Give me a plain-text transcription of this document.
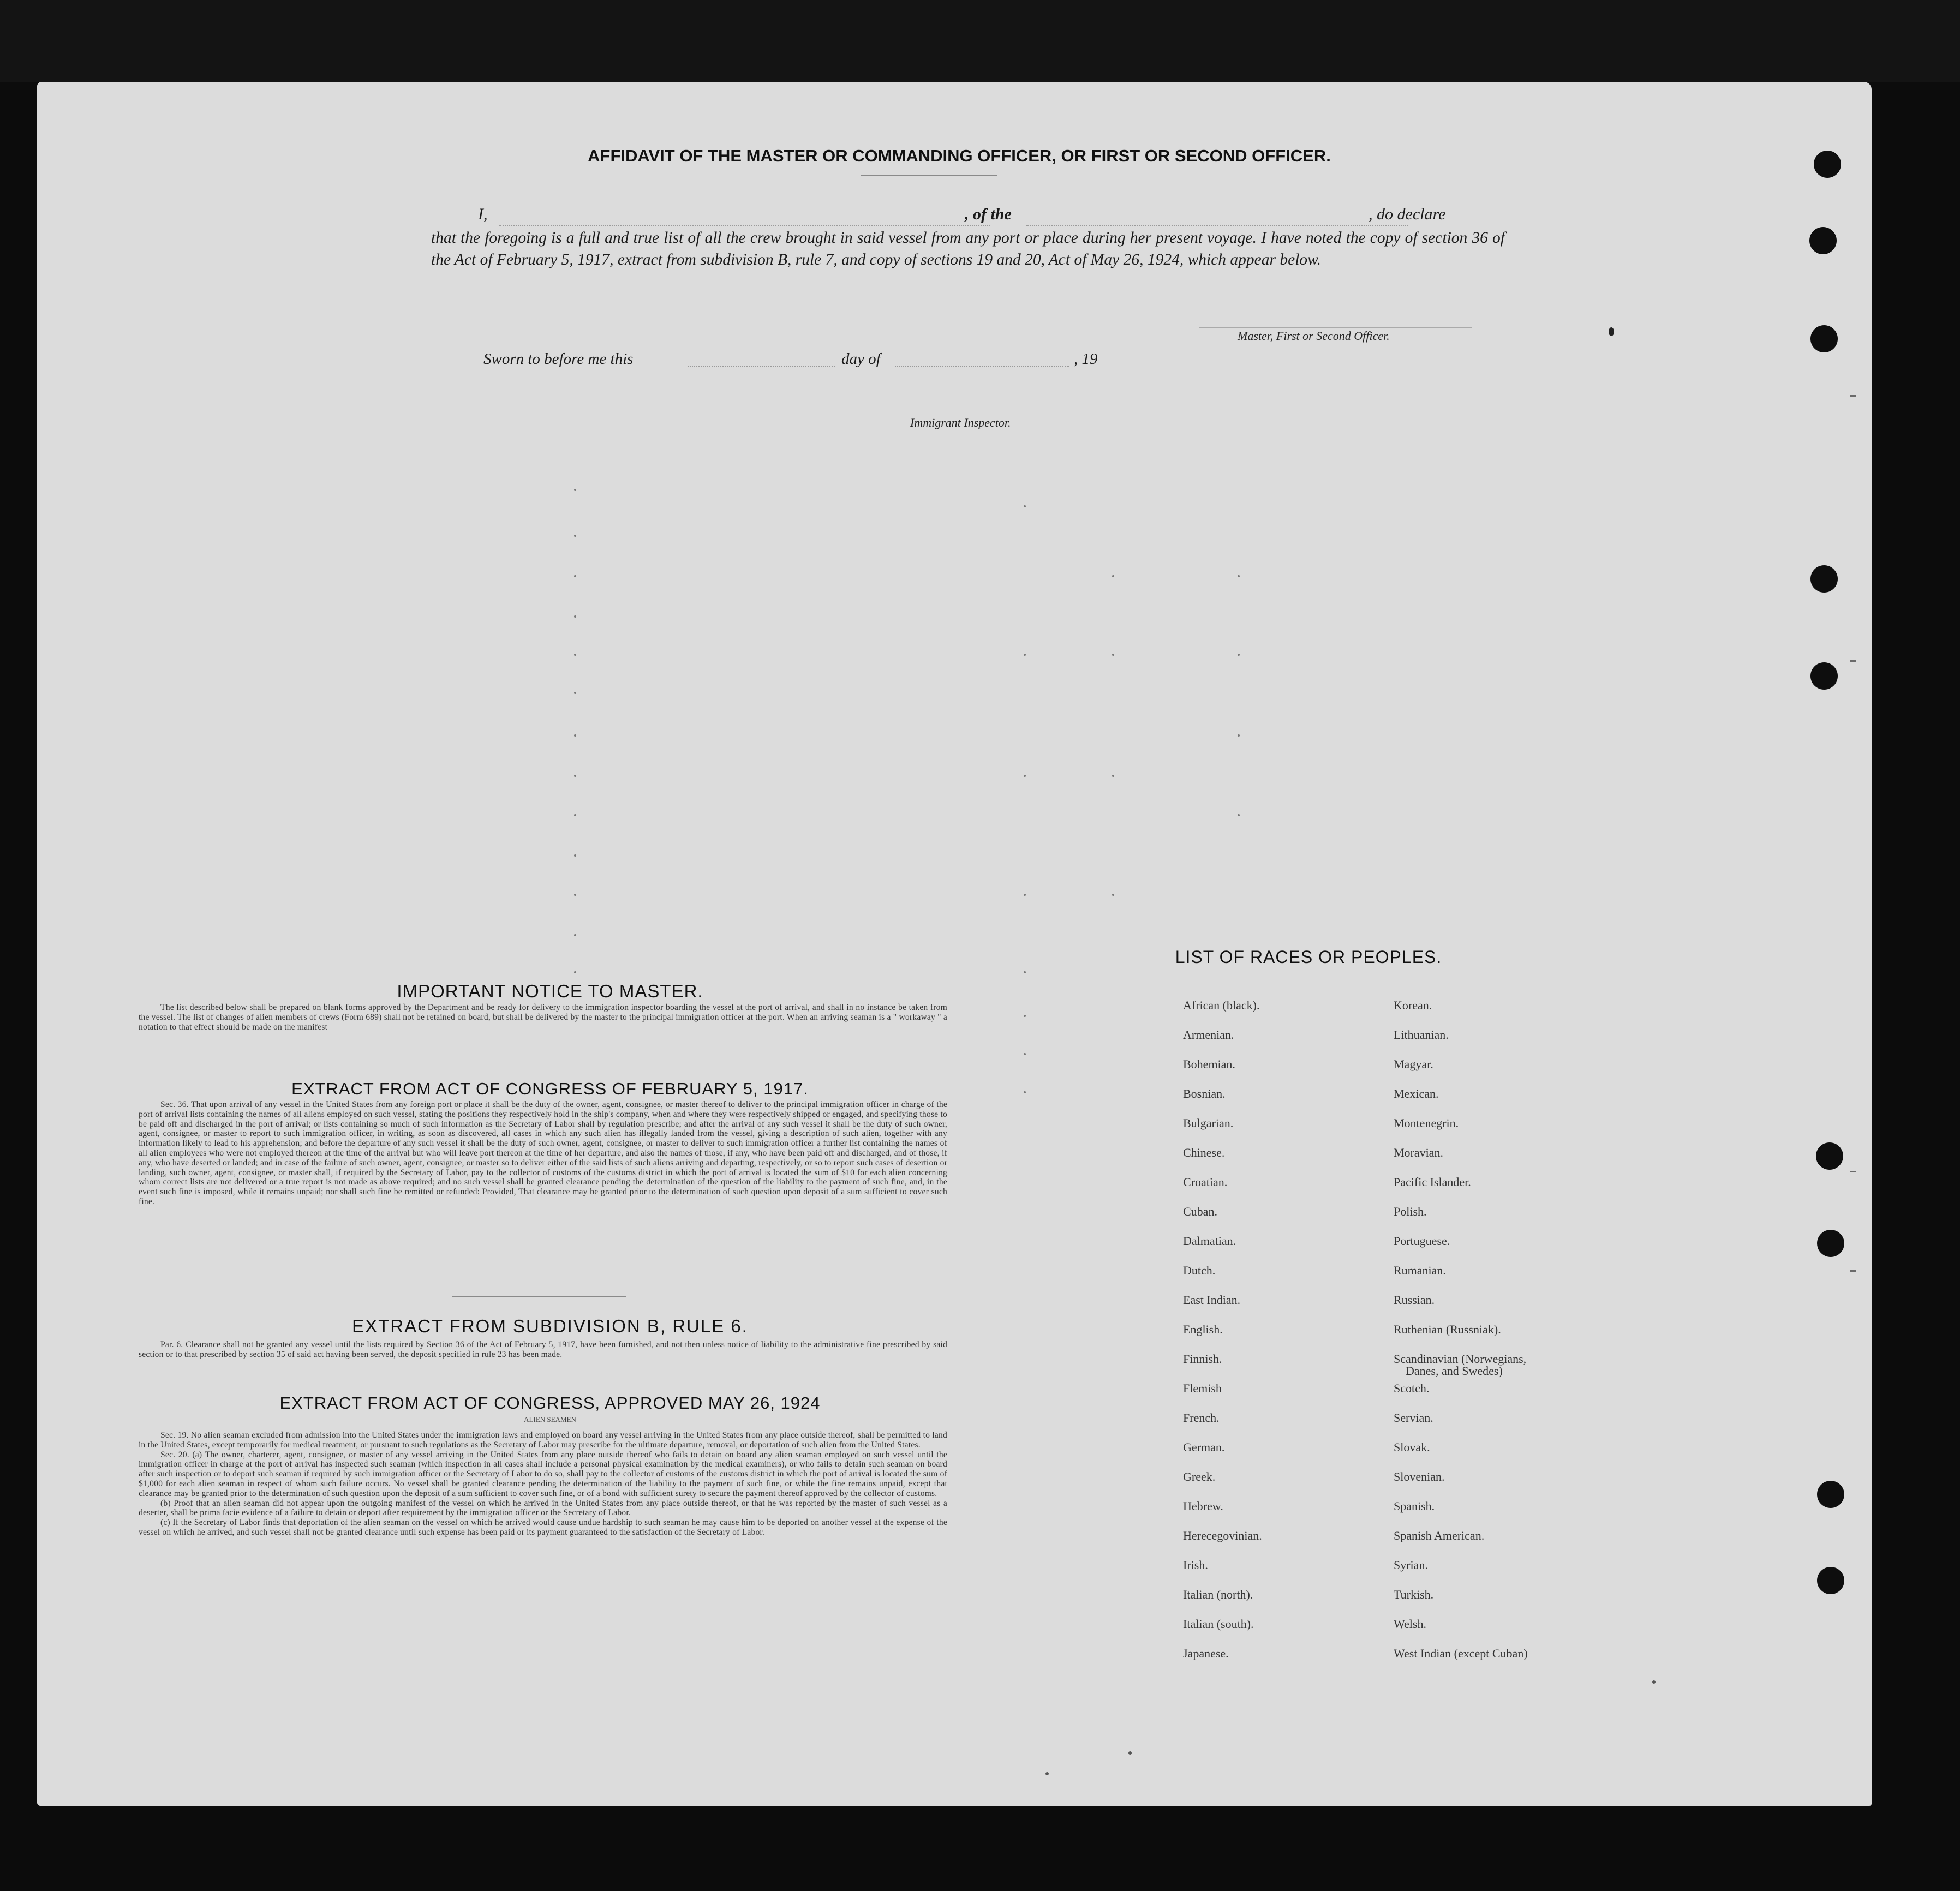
AFFIDAVIT OF THE MASTER OR COMMANDING OFFICER, OR FIRST OR SECOND OFFICER.
I,	, of the	, do declare
that the foregoing is a full and true list of all the crew brought in said vessel from any port or place during her present voyage. I have noted the copy of section 36 of the Act of February 5, 1917, extract from subdivision B, rule 7, and copy of sections 19 and 20, Act of May 26, 1924, which appear below.
Master, First or Second Officer.
Sworn to before me this	day of	, 19
Immigrant Inspector.
IMPORTANT NOTICE TO MASTER.
The list described below shall be prepared on blank forms approved by the Department and be ready for delivery to the immigration inspector boarding the vessel at the port of arrival, and shall in no instance be taken from the vessel. The list of changes of alien members of crews (Form 689) shall not be retained on board, but shall be delivered by the master to the principal immigration officer at the port. When an arriving seaman is a " workaway " a notation to that effect should be made on the manifest
EXTRACT FROM ACT OF CONGRESS OF FEBRUARY 5, 1917.
Sec. 36. That upon arrival of any vessel in the United States from any foreign port or place it shall be the duty of the owner, agent, consignee, or master thereof to deliver to the principal immigration officer in charge of the port of arrival lists containing the names of all aliens employed on such vessel, stating the positions they respectively hold in the ship's company, when and where they were respectively shipped or engaged, and specifying those to be paid off and discharged in the port of arrival; or lists containing so much of such information as the Secretary of Labor shall by regulation prescribe; and after the arrival of any such vessel it shall be the duty of such owner, agent, consignee, or master to report to such immigration officer, in writing, as soon as discovered, all cases in which any such alien has illegally landed from the vessel, giving a description of such alien, together with any information likely to lead to his apprehension; and before the departure of any such vessel it shall be the duty of such owner, agent, consignee, or master to deliver to such immigration officer a further list containing the names of all alien employees who were not employed thereon at the time of the arrival but who will leave port thereon at the time of her departure, and also the names of those, if any, who have been paid off and discharged, and of those, if any, who have deserted or landed; and in case of the failure of such owner, agent, consignee, or master so to deliver either of the said lists of such aliens arriving and departing, respectively, or so to report such cases of desertion or landing, such owner, agent, consignee, or master shall, if required by the Secretary of Labor, pay to the collector of customs of the customs district in which the port of arrival is located the sum of $10 for each alien concerning whom correct lists are not delivered or a true report is not made as above required; and no such vessel shall be granted clearance pending the determination of the question of the liability to the payment of such fine, and, in the event such fine is imposed, while it remains unpaid; nor shall such fine be remitted or refunded: Provided, That clearance may be granted prior to the determination of such question upon deposit of a sum sufficient to cover such fine.
EXTRACT FROM SUBDIVISION B, RULE 6.
Par. 6. Clearance shall not be granted any vessel until the lists required by Section 36 of the Act of February 5, 1917, have been furnished, and not then unless notice of liability to the administrative fine prescribed by said section or to that prescribed by section 35 of said act having been served, the deposit specified in rule 23 has been made.
EXTRACT FROM ACT OF CONGRESS, APPROVED MAY 26, 1924
ALIEN SEAMEN

Sec. 19. No alien seaman excluded from admission into the United States under the immigration laws and employed on board any vessel arriving in the United States from any place outside thereof, shall be permitted to land in the United States, except temporarily for medical treatment, or pursuant to such regulations as the Secretary of Labor may prescribe for the ultimate departure, removal, or deportation of such alien from the United States.

Sec. 20. (a) The owner, charterer, agent, consignee, or master of any vessel arriving in the United States from any place outside thereof who fails to detain on board any alien seaman employed on such vessel until the immigration officer in charge at the port of arrival has inspected such seaman (which inspection in all cases shall include a personal physical examination by the medical examiners), or who fails to detain such seaman on board after such inspection or to deport such seaman if required by such immigration officer or the Secretary of Labor to do so, shall pay to the collector of customs of the customs district in which the port of arrival is located the sum of $1,000 for each alien seaman in respect of whom such failure occurs. No vessel shall be granted clearance pending the determination of the liability to the payment of such fine, or while the fine remains unpaid, except that clearance may be granted prior to the determination of such question upon the deposit of a sum sufficient to cover such fine, or of a bond with sufficient surety to secure the payment thereof approved by the collector of customs.

(b) Proof that an alien seaman did not appear upon the outgoing manifest of the vessel on which he arrived in the United States from any place outside thereof, or that he was reported by the master of such vessel as a deserter, shall be prima facie evidence of a failure to detain or deport after requirement by the immigration officer or the Secretary of Labor.

(c) If the Secretary of Labor finds that deportation of the alien seaman on the vessel on which he arrived would cause undue hardship to such seaman he may cause him to be deported on another vessel at the expense of the vessel on which he arrived, and such vessel shall not be granted clearance until such expense has been paid or its payment guaranteed to the satisfaction of the Secretary of Labor.

LIST OF RACES OR PEOPLES.
African (black).
Armenian.
Bohemian.
Bosnian.
Bulgarian.
Chinese.
Croatian.
Cuban.
Dalmatian.
Dutch.
East Indian.
English.
Finnish.
Flemish
French.
German.
Greek.
Hebrew.
Herecegovinian.
Irish.
Italian (north).
Italian (south).
Japanese.
Korean.
Lithuanian.
Magyar.
Mexican.
Montenegrin.
Moravian.
Pacific Islander.
Polish.
Portuguese.
Rumanian.
Russian.
Ruthenian (Russniak).
Scandinavian (Norwegians,
Danes, and Swedes)
Scotch.
Servian.
Slovak.
Slovenian.
Spanish.
Spanish American.
Syrian.
Turkish.
Welsh.
West Indian (except Cuban)
